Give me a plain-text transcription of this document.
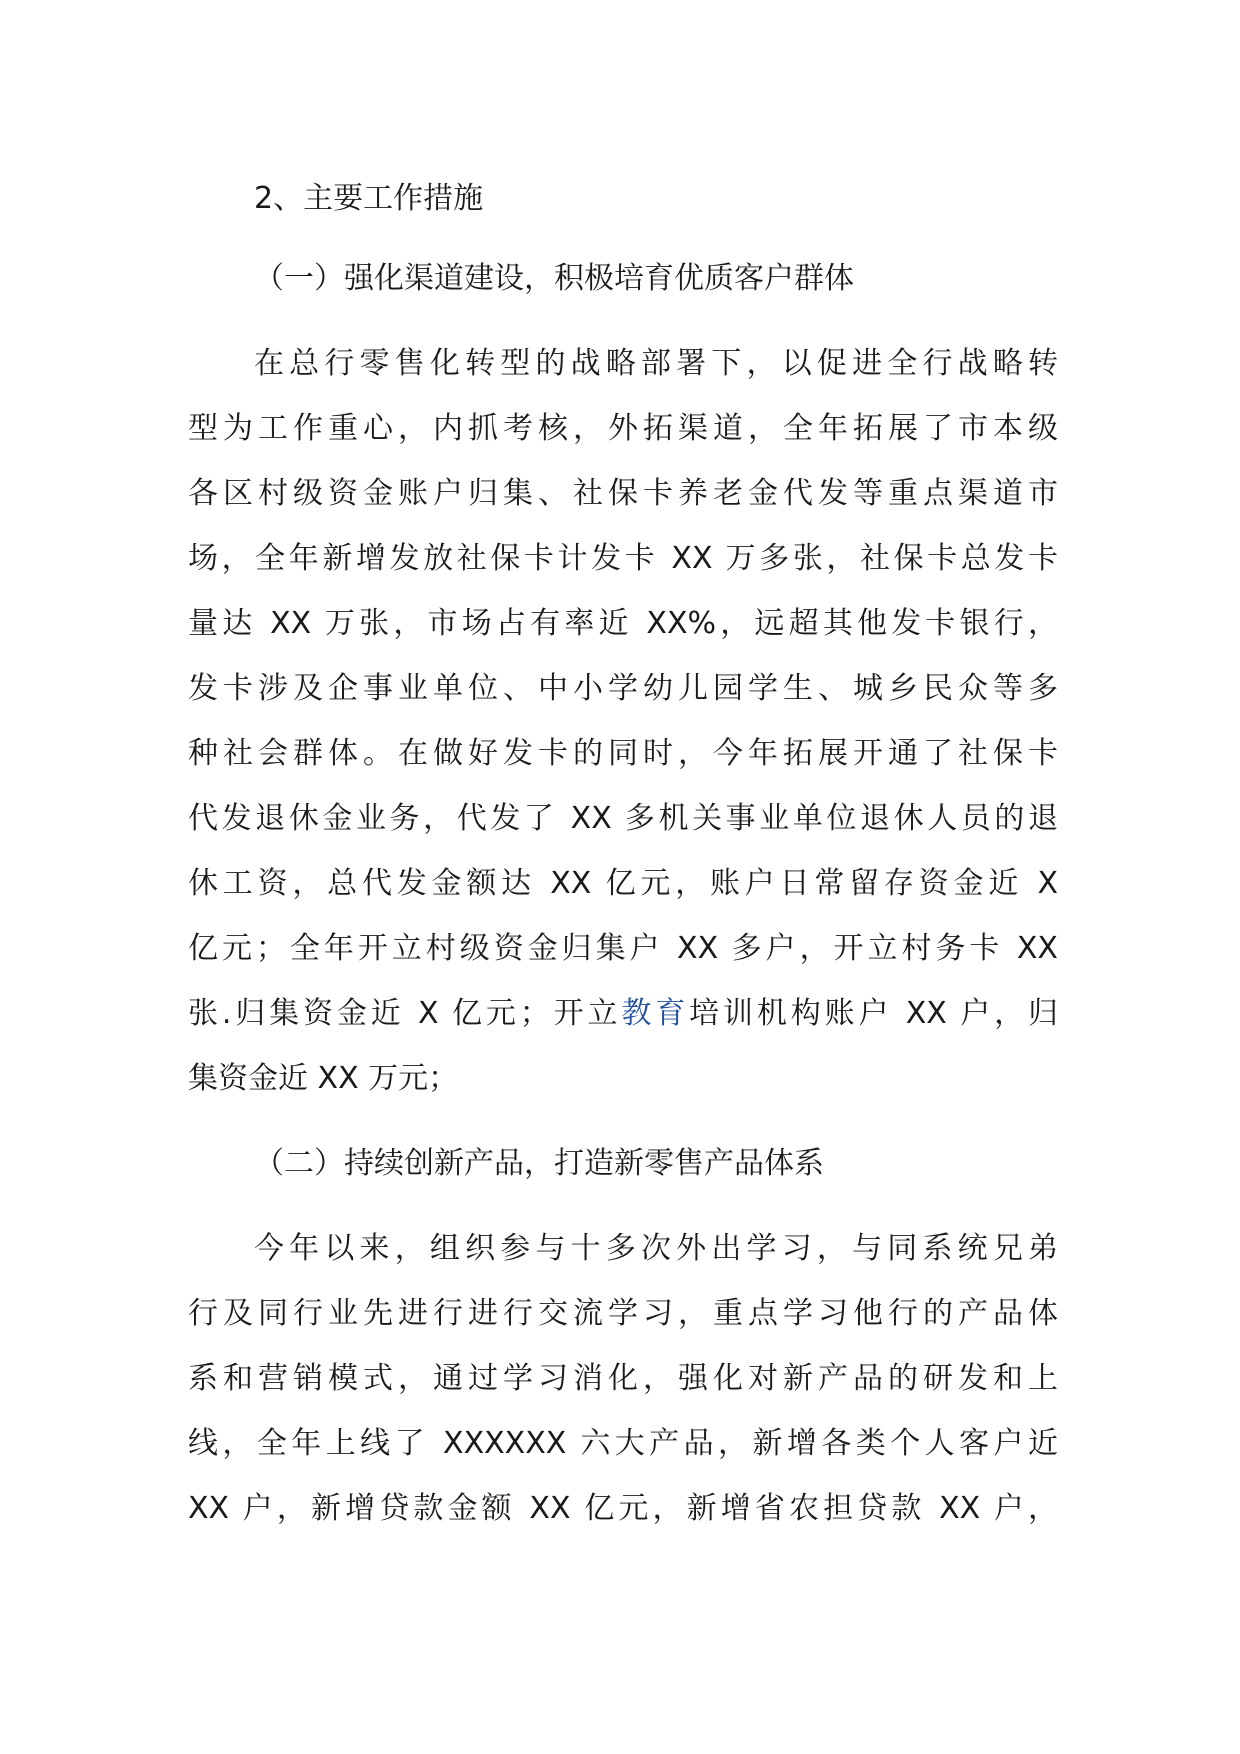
2、主要工作措施
（一）强化渠道建设，积极培育优质客户群体
在总行零售化转型的战略部署下，以促进全行战略转
型为工作重心，内抓考核，外拓渠道，全年拓展了市本级
各区村级资金账户归集、社保卡养老金代发等重点渠道市
场，全年新增发放社保卡计发卡 XX 万多张，社保卡总发卡
量达 XX 万张，市场占有率近 XX%，远超其他发卡银行，
发卡涉及企事业单位、中小学幼儿园学生、城乡民众等多
种社会群体。在做好发卡的同时，今年拓展开通了社保卡
代发退休金业务，代发了 XX 多机关事业单位退休人员的退
休工资，总代发金额达 XX 亿元，账户日常留存资金近 X
亿元；全年开立村级资金归集户 XX 多户，开立村务卡 XX
张.归集资金近 X 亿元；开立教育培训机构账户 XX 户，归
集资金近 XX 万元；
（二）持续创新产品，打造新零售产品体系
今年以来，组织参与十多次外出学习，与同系统兄弟
行及同行业先进行进行交流学习，重点学习他行的产品体
系和营销模式，通过学习消化，强化对新产品的研发和上
线，全年上线了 XXXXXX 六大产品，新增各类个人客户近
XX 户，新增贷款金额 XX 亿元，新增省农担贷款 XX 户，
